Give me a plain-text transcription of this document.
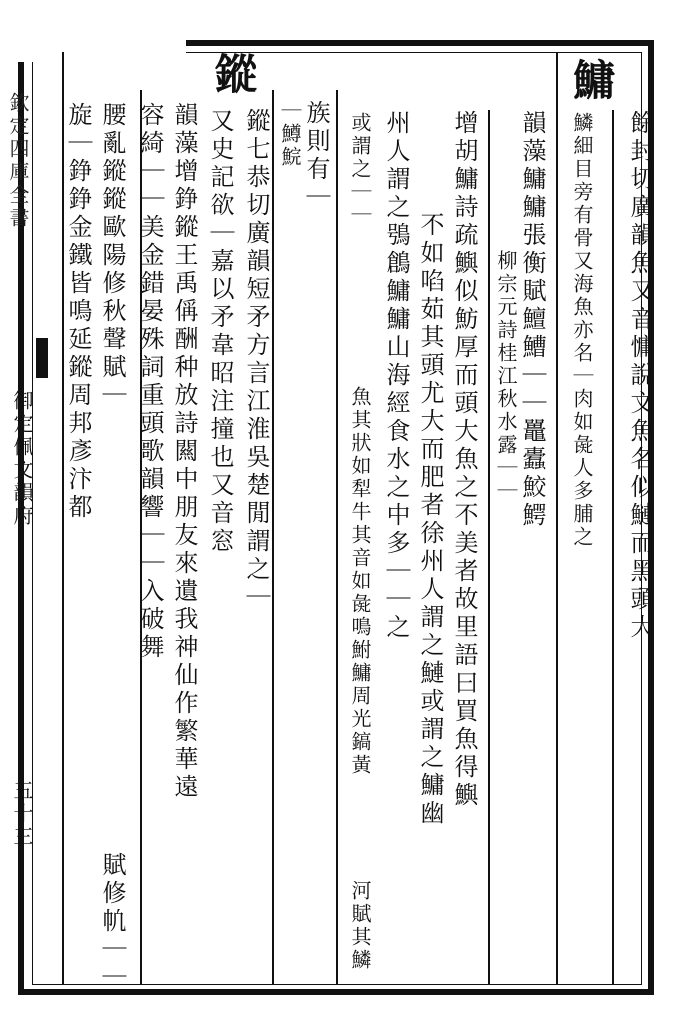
鱅
餘封切廣韻魚又音慵說文魚名似鰱而黑頭大
鱗細目旁有骨又海魚亦名｜肉如彘人多脯之
韻藻鱅鱅張衡賦鱣鰽｜｜鼉蠹鮫鰐
柳宗元詩桂江秋水露｜｜
增胡鱅詩疏鱮似魴厚而頭大魚之不美者故里語曰買魚得鱮
不如啗茹其頭尤大而肥者徐州人謂之鰱或謂之鱅幽
州人謂之鴞鶬鱅鱅山海經食水之中多｜｜之
或謂之｜｜
魚其狀如犁牛其音如彘鳴鮒鱅周光鎬黃
河賦其鱗
族則有｜
｜鱒鯇
鏦
鏦七恭切廣韻短矛方言江淮吳楚閒謂之｜
又史記欲｜嘉以矛韋昭注撞也又音窓
韻藻增錚鏦王禹偁酬种放詩闗中朋友來遺我神仙作繁華遠
容綺｜｜美金錯晏殊詞重頭歌韻響｜｜入破舞
腰亂鏦鏦歐陽修秋聲賦｜
旋｜錚錚金鐵皆鳴延鏦周邦彥汴都
賦修㠶｜｜
欽定四庫全書
御定佩文韻府
五十三
